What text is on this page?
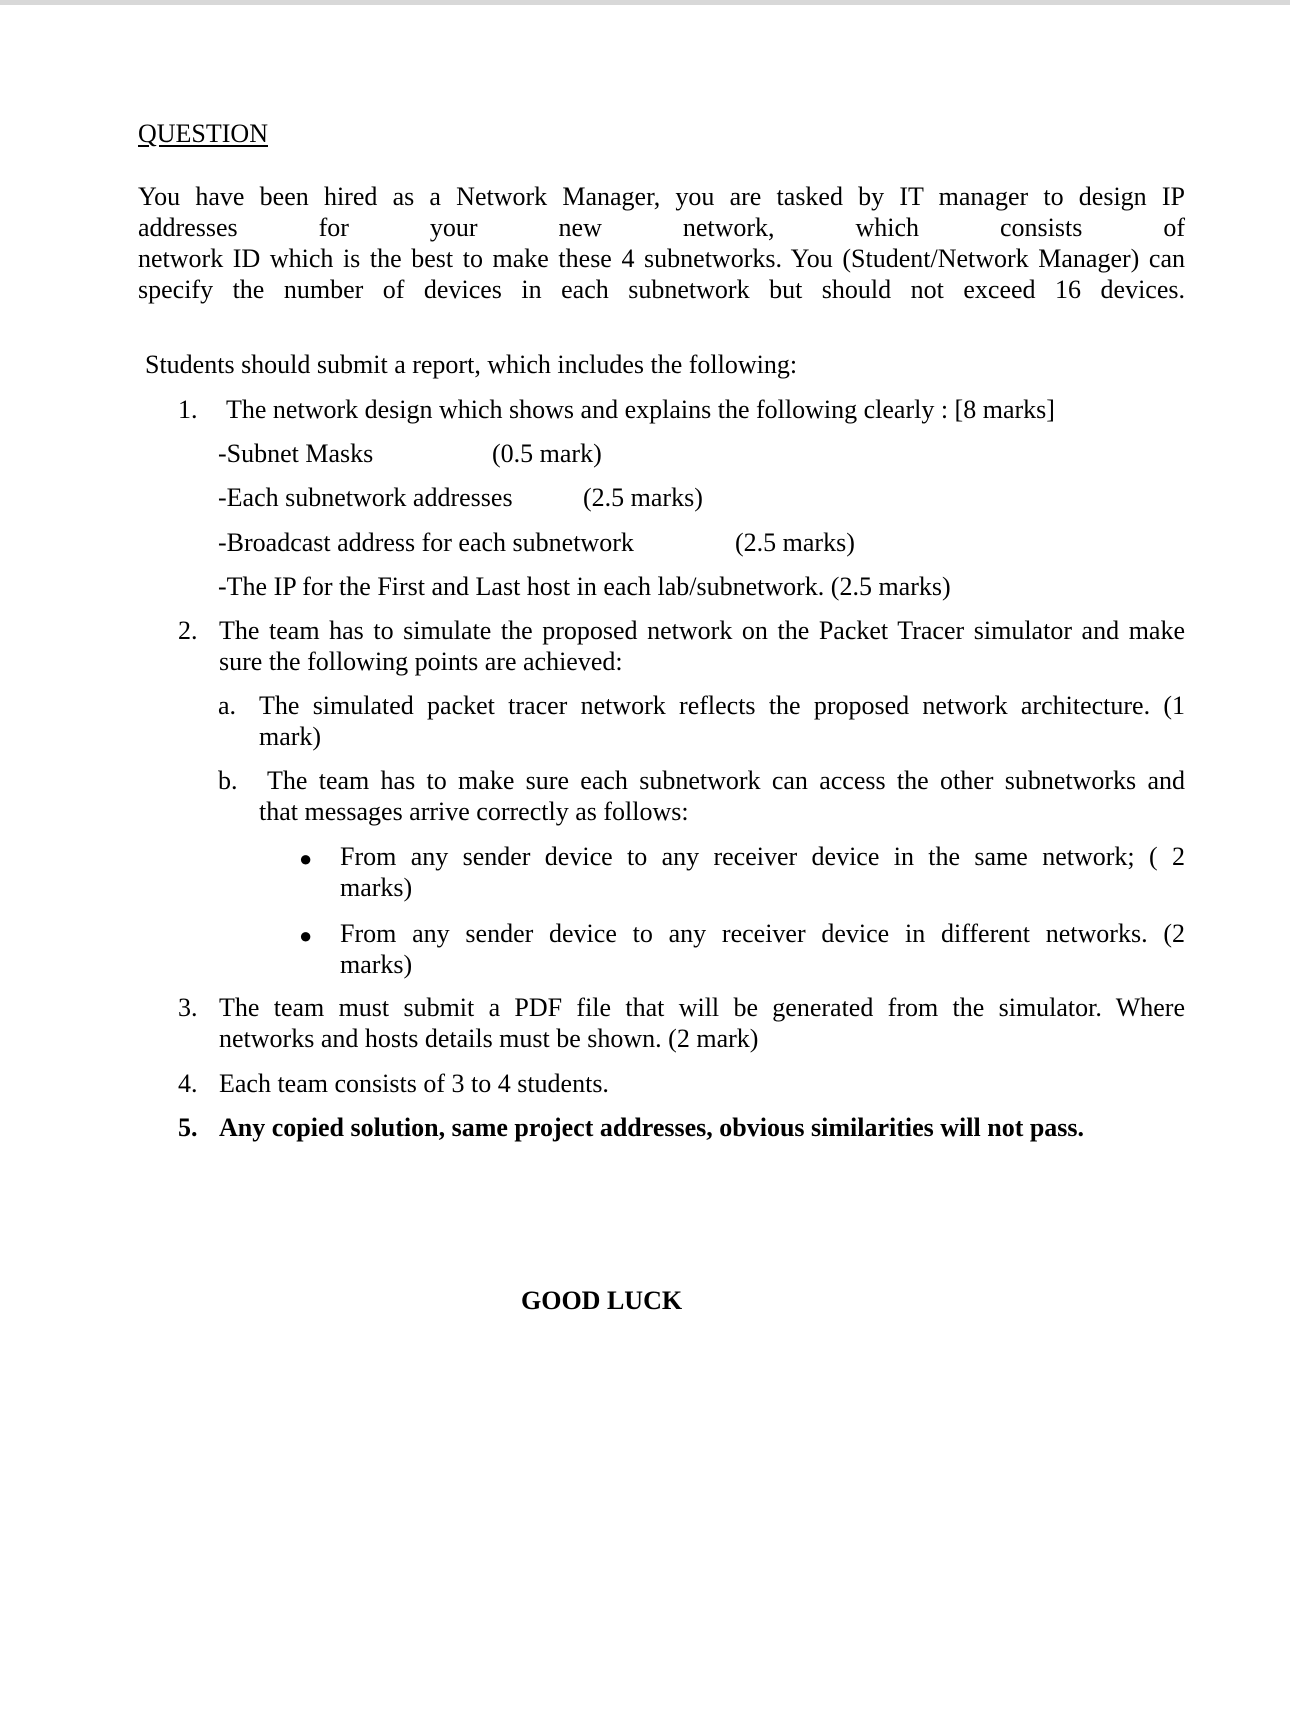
QUESTION
You have been hired as a Network Manager, you are tasked by IT manager to design IP
addresses for your new network, which consists of
network ID which is the best to make these 4 subnetworks. You (Student/Network Manager) can
specify the number of devices in each subnetwork but should not exceed 16 devices.
Students should submit a report, which includes the following:
1. The network design which shows and explains the following clearly : [8 marks]
-Subnet Masks	(0.5 mark)
-Each subnetwork addresses	(2.5 marks)
-Broadcast address for each subnetwork	(2.5 marks)
-The IP for the First and Last host in each lab/subnetwork. (2.5 marks)
2. The team has to simulate the proposed network on the Packet Tracer simulator and make
sure the following points are achieved:
a. The simulated packet tracer network reflects the proposed network architecture. (1
mark)
b.	The team has to make sure each subnetwork can access the other subnetworks and
that messages arrive correctly as follows:
● From any sender device to any receiver device in the same network; ( 2
marks)
● From any sender device to any receiver device in different networks. (2
marks)
3. The team must submit a PDF file that will be generated from the simulator. Where
networks and hosts details must be shown. (2 mark)
4. Each team consists of 3 to 4 students.
5. Any copied solution, same project addresses, obvious similarities will not pass.
GOOD LUCK
